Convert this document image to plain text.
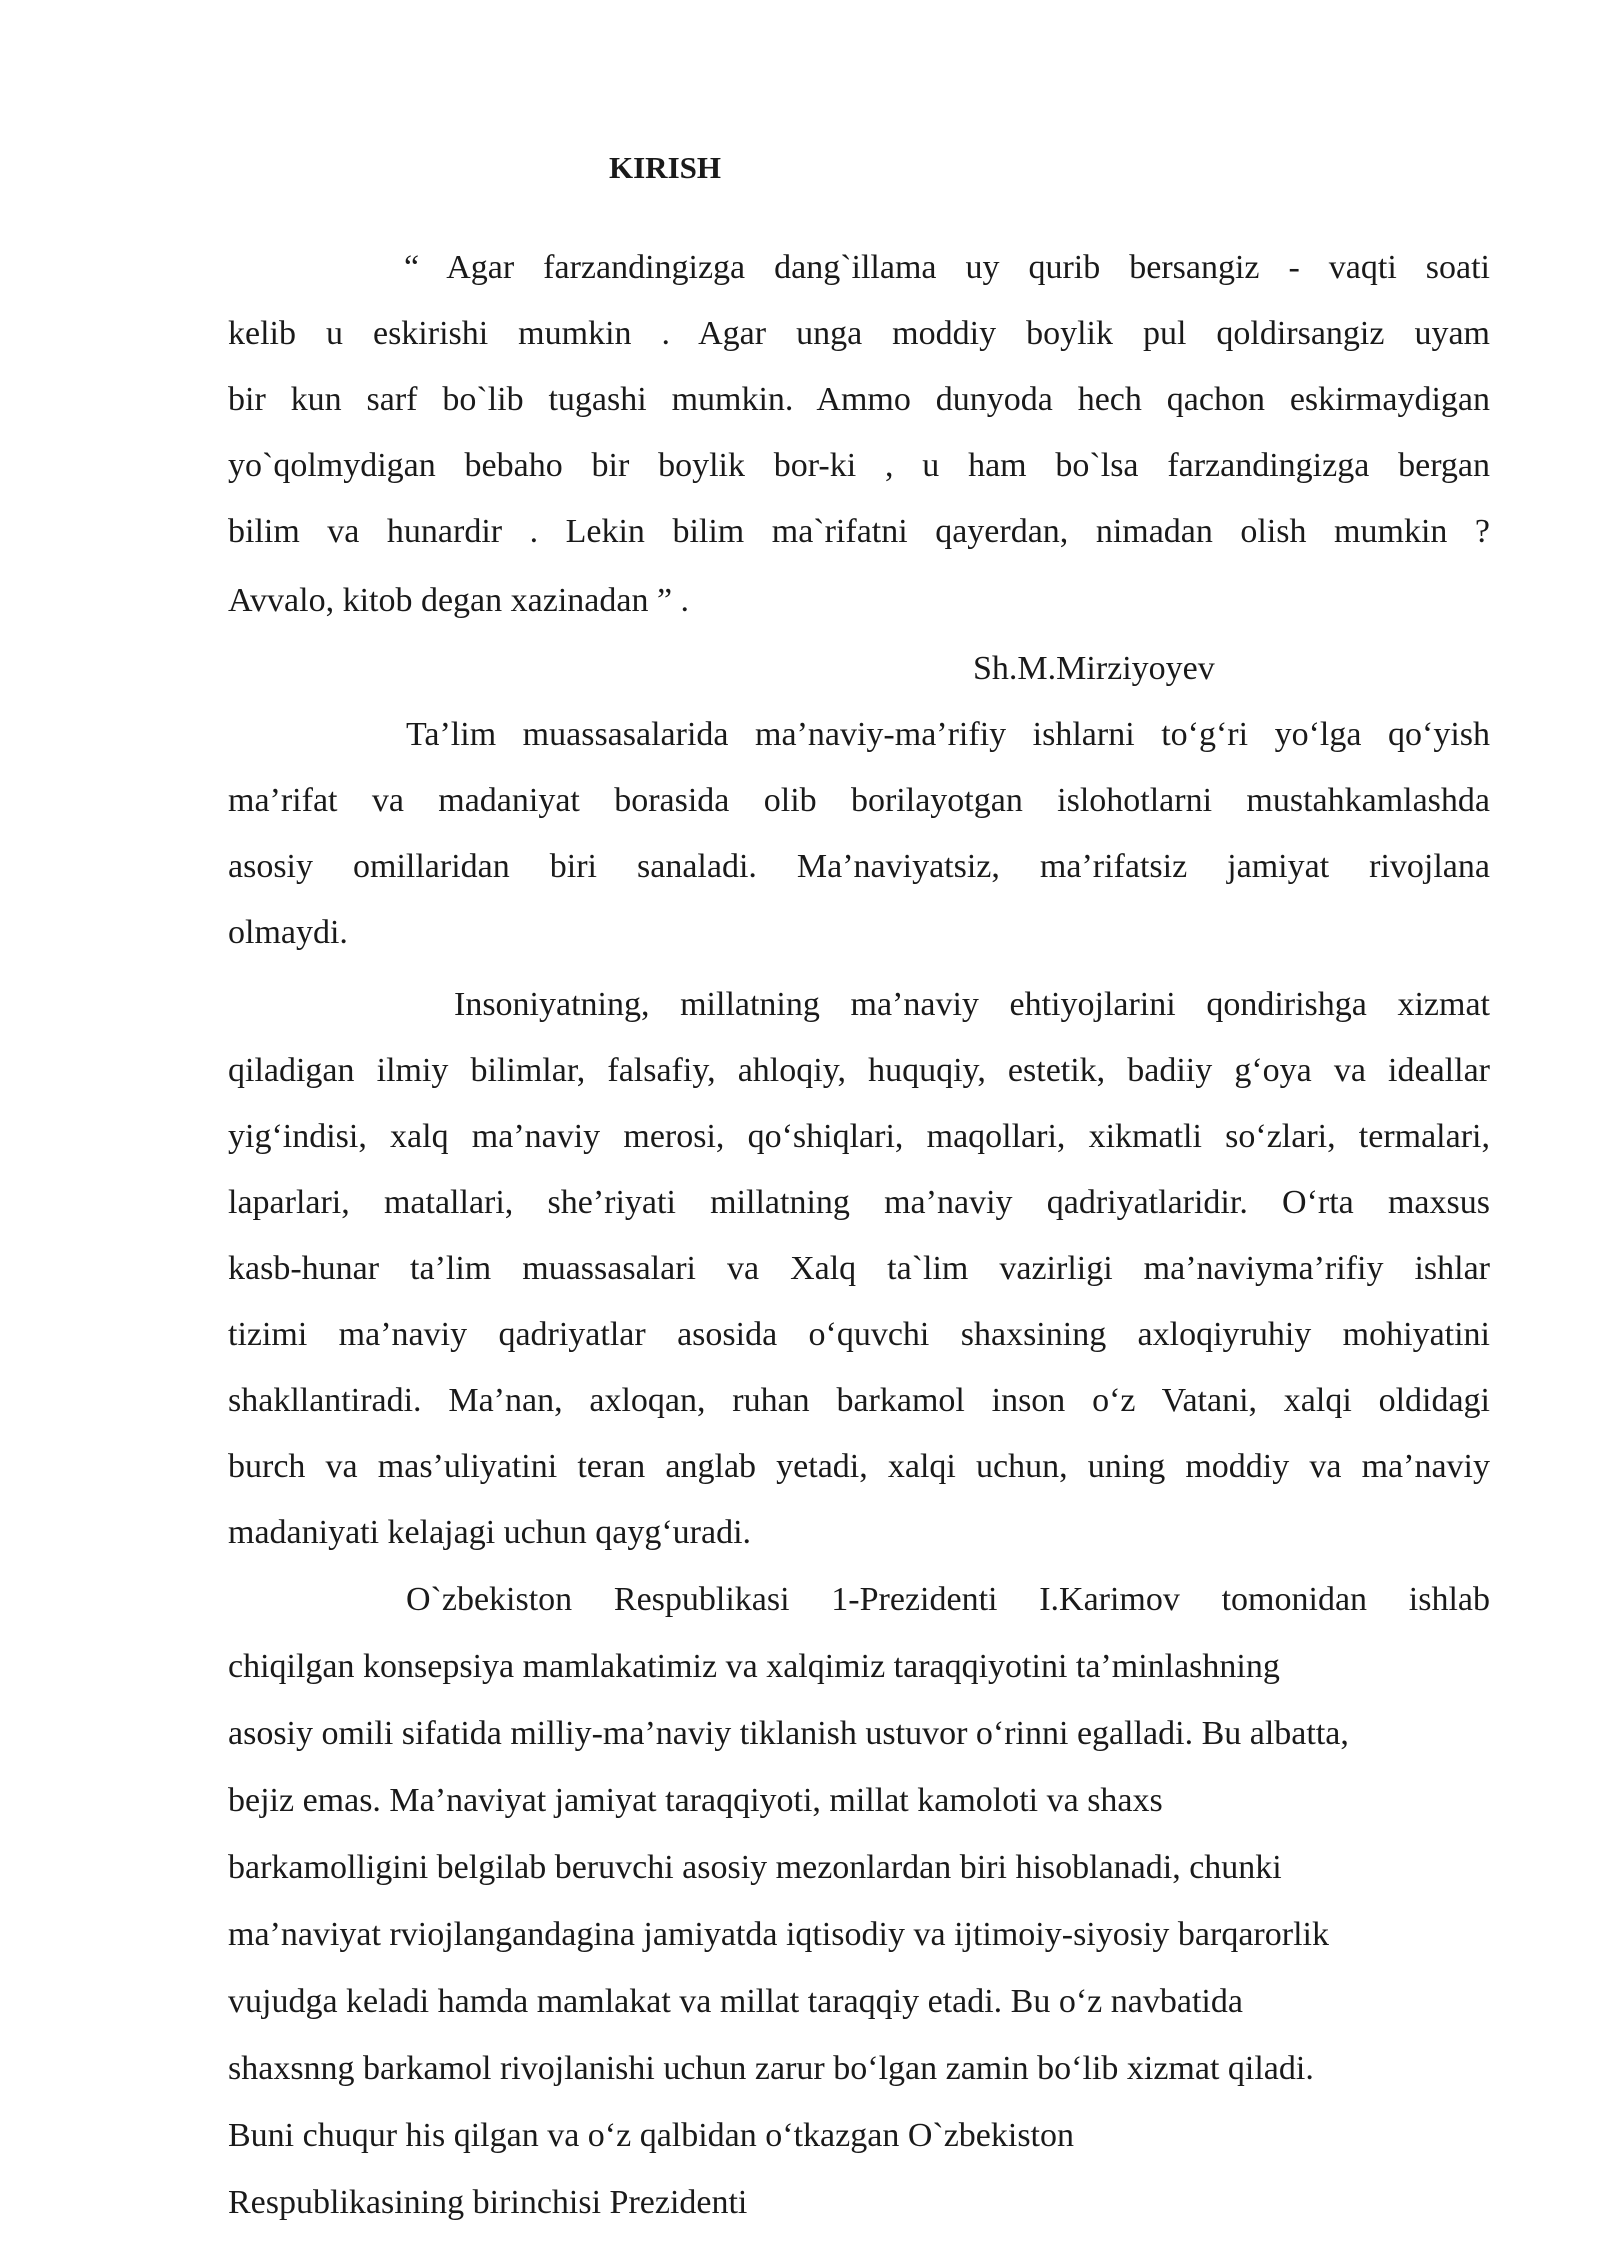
KIRISH
“ Agar farzandingizga dang`illama uy qurib bersangiz - vaqti soati
kelib u eskirishi mumkin . Agar unga moddiy boylik pul qoldirsangiz uyam
bir kun sarf bo`lib tugashi mumkin. Ammo dunyoda hech qachon eskirmaydigan
yo`qolmydigan bebaho bir boylik bor-ki , u ham bo`lsa farzandingizga bergan
bilim va hunardir . Lekin bilim ma`rifatni qayerdan, nimadan olish mumkin ?
Avvalo, kitob degan xazinadan ” .
Sh.M.Mirziyoyev
Ta’lim muassasalarida ma’naviy-ma’rifiy ishlarni to‘g‘ri yo‘lga qo‘yish
ma’rifat va madaniyat borasida olib borilayotgan islohotlarni mustahkamlashda
asosiy omillaridan biri sanaladi. Ma’naviyatsiz, ma’rifatsiz jamiyat rivojlana
olmaydi.
Insoniyatning, millatning ma’naviy ehtiyojlarini qondirishga xizmat
qiladigan ilmiy bilimlar, falsafiy, ahloqiy, huquqiy, estetik, badiiy g‘oya va ideallar
yig‘indisi, xalq ma’naviy merosi, qo‘shiqlari, maqollari, xikmatli so‘zlari, termalari,
laparlari, matallari, she’riyati millatning ma’naviy qadriyatlaridir. O‘rta maxsus
kasb-hunar ta’lim muassasalari va Xalq ta`lim vazirligi ma’naviyma’rifiy ishlar
tizimi ma’naviy qadriyatlar asosida o‘quvchi shaxsining axloqiyruhiy mohiyatini
shakllantiradi. Ma’nan, axloqan, ruhan barkamol inson o‘z Vatani, xalqi oldidagi
burch va mas’uliyatini teran anglab yetadi, xalqi uchun, uning moddiy va ma’naviy
madaniyati kelajagi uchun qayg‘uradi.
O`zbekiston Respublikasi 1-Prezidenti I.Karimov tomonidan ishlab
chiqilgan konsepsiya mamlakatimiz va xalqimiz taraqqiyotini ta’minlashning
asosiy omili sifatida milliy-ma’naviy tiklanish ustuvor o‘rinni egalladi. Bu albatta,
bejiz emas. Ma’naviyat jamiyat taraqqiyoti, millat kamoloti va shaxs
barkamolligini belgilab beruvchi asosiy mezonlardan biri hisoblanadi, chunki
ma’naviyat rviojlangandagina jamiyatda iqtisodiy va ijtimoiy-siyosiy barqarorlik
vujudga keladi hamda mamlakat va millat taraqqiy etadi. Bu o‘z navbatida
shaxsnng barkamol rivojlanishi uchun zarur bo‘lgan zamin bo‘lib xizmat qiladi.
Buni chuqur his qilgan va o‘z qalbidan o‘tkazgan O`zbekiston
Respublikasining birinchisi Prezidenti
